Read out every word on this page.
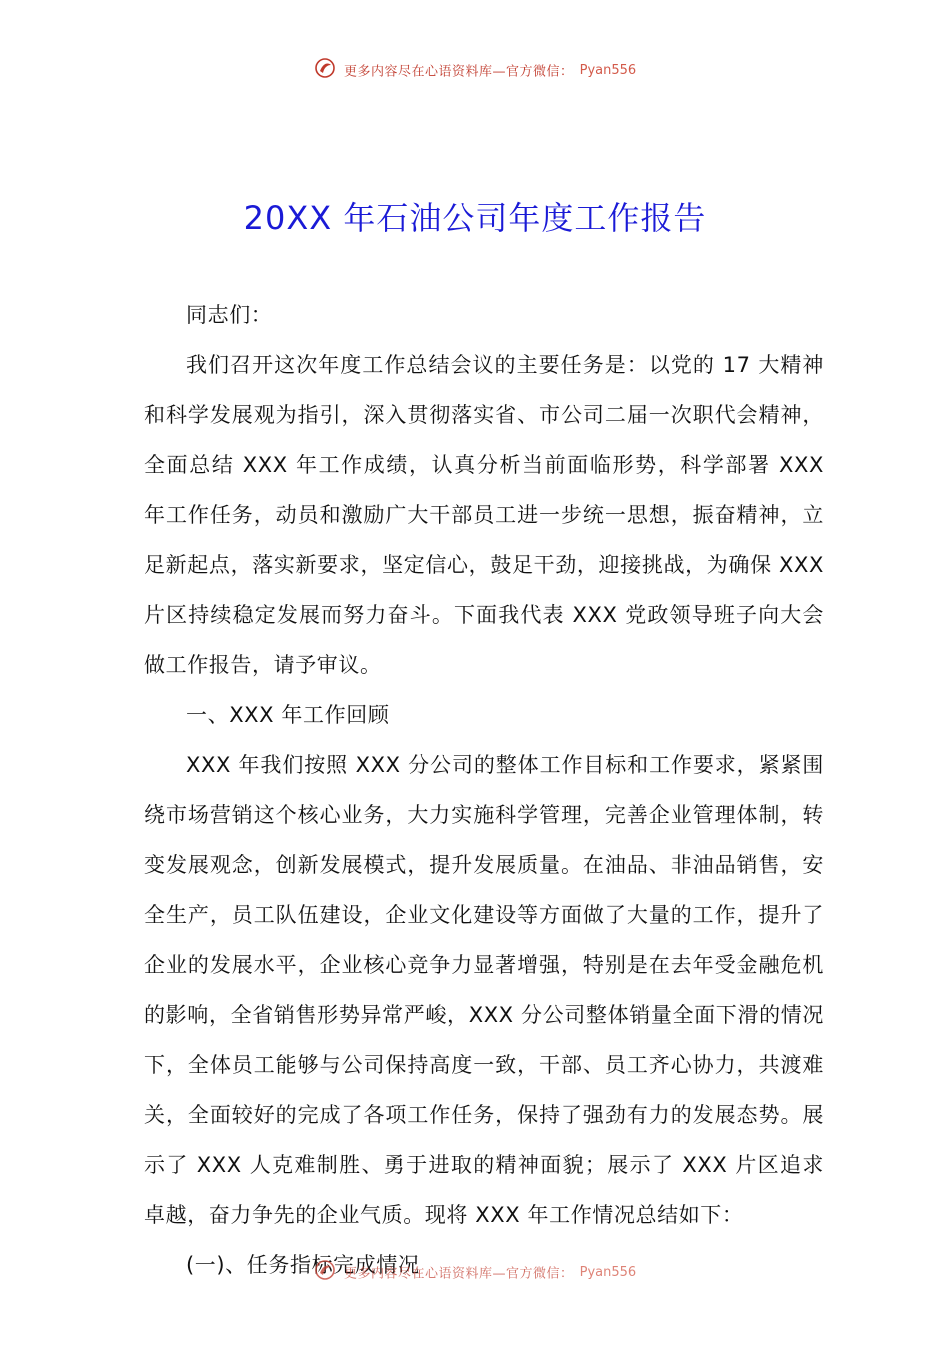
更多内容尽在心语资料库—官方微信： Pyan556
20XX 年石油公司年度工作报告

同志们：

我们召开这次年度工作总结会议的主要任务是：以党的 17 大精神和科学发展观为指引，深入贯彻落实省、市公司二届一次职代会精神，全面总结 XXX 年工作成绩，认真分析当前面临形势，科学部署 XXX 年工作任务，动员和激励广大干部员工进一步统一思想，振奋精神，立足新起点，落实新要求，坚定信心，鼓足干劲，迎接挑战，为确保 XXX 片区持续稳定发展而努力奋斗。下面我代表 XXX 党政领导班子向大会做工作报告，请予审议。

一、XXX 年工作回顾

XXX 年我们按照 XXX 分公司的整体工作目标和工作要求，紧紧围绕市场营销这个核心业务，大力实施科学管理，完善企业管理体制，转变发展观念，创新发展模式，提升发展质量。在油品、非油品销售，安全生产，员工队伍建设，企业文化建设等方面做了大量的工作，提升了企业的发展水平，企业核心竞争力显著增强，特别是在去年受金融危机的影响，全省销售形势异常严峻，XXX 分公司整体销量全面下滑的情况下，全体员工能够与公司保持高度一致，干部、员工齐心协力，共渡难关，全面较好的完成了各项工作任务，保持了强劲有力的发展态势。展示了 XXX 人克难制胜、勇于进取的精神面貌；展示了 XXX 片区追求卓越，奋力争先的企业气质。现将 XXX 年工作情况总结如下：

(一)、任务指标完成情况

更多内容尽在心语资料库—官方微信： Pyan556
